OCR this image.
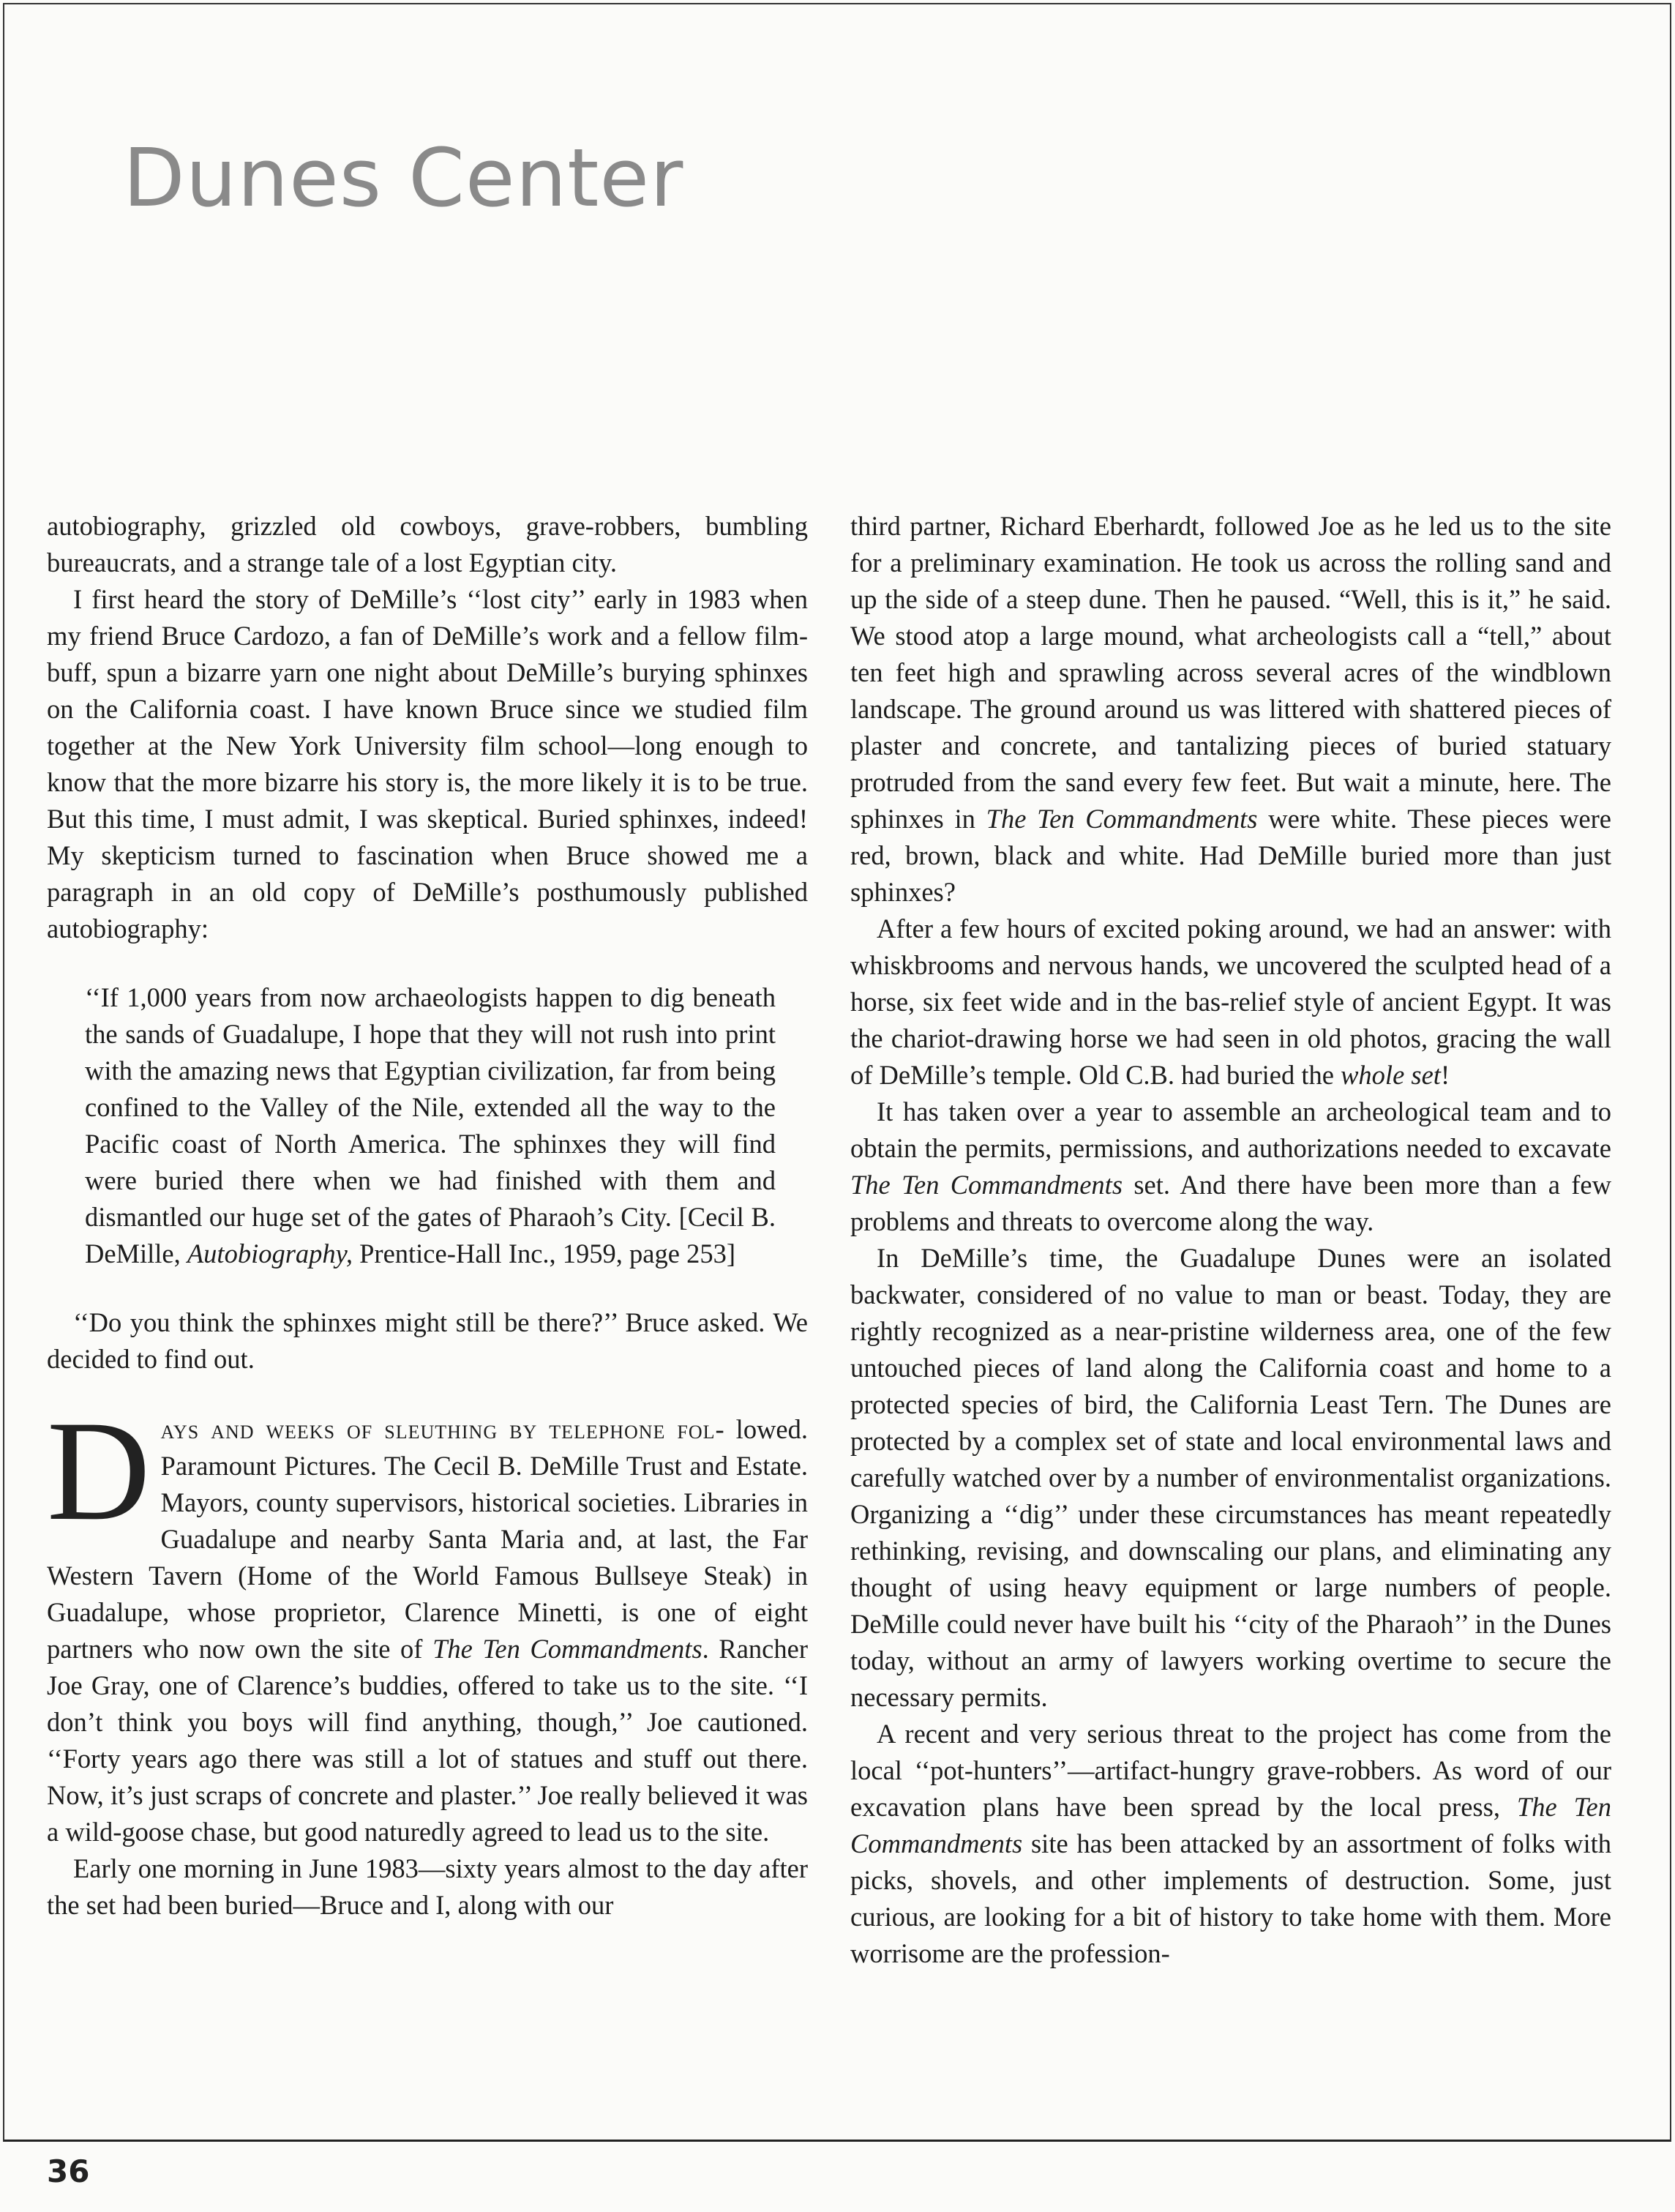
Dunes Center

autobiography, grizzled old cowboys, grave-robbers, bumbling bureaucrats, and a strange tale of a lost Egyptian city.

I first heard the story of DeMille’s ‘‘lost city’’ early in 1983 when my friend Bruce Cardozo, a fan of DeMille’s work and a fellow film-buff, spun a bizarre yarn one night about DeMille’s burying sphinxes on the California coast. I have known Bruce since we studied film together at the New York University film school—long enough to know that the more bizarre his story is, the more likely it is to be true. But this time, I must admit, I was skeptical. Buried sphinxes, indeed! My skepticism turned to fascination when Bruce showed me a paragraph in an old copy of DeMille’s posthumously published autobiography:

‘‘If 1,000 years from now archaeologists happen to dig beneath the sands of Guadalupe, I hope that they will not rush into print with the amazing news that Egyptian civilization, far from being confined to the Valley of the Nile, extended all the way to the Pacific coast of North America. The sphinxes they will find were buried there when we had finished with them and dismantled our huge set of the gates of Pharaoh’s City. [Cecil B. DeMille, Autobiography, Prentice-Hall Inc., 1959, page 253]

‘‘Do you think the sphinxes might still be there?’’ Bruce asked. We decided to find out.

Days and weeks of sleuthing by telephone fol- lowed. Paramount Pictures. The Cecil B. DeMille Trust and Estate. Mayors, county supervisors, historical societies. Libraries in Guadalupe and nearby Santa Maria and, at last, the Far Western Tavern (Home of the World Famous Bullseye Steak) in Guadalupe, whose proprietor, Clarence Minetti, is one of eight partners who now own the site of The Ten Commandments. Rancher Joe Gray, one of Clarence’s buddies, offered to take us to the site. ‘‘I don’t think you boys will find anything, though,’’ Joe cautioned. ‘‘Forty years ago there was still a lot of statues and stuff out there. Now, it’s just scraps of concrete and plaster.’’ Joe really believed it was a wild-goose chase, but good naturedly agreed to lead us to the site.

Early one morning in June 1983—sixty years almost to the day after the set had been buried—Bruce and I, along with our

third partner, Richard Eberhardt, followed Joe as he led us to the site for a preliminary examination. He took us across the rolling sand and up the side of a steep dune. Then he paused. “Well, this is it,” he said. We stood atop a large mound, what archeologists call a “tell,” about ten feet high and sprawling across several acres of the windblown landscape. The ground around us was littered with shattered pieces of plaster and concrete, and tantalizing pieces of buried statuary protruded from the sand every few feet. But wait a minute, here. The sphinxes in The Ten Commandments were white. These pieces were red, brown, black and white. Had DeMille buried more than just sphinxes?

After a few hours of excited poking around, we had an answer: with whiskbrooms and nervous hands, we uncovered the sculpted head of a horse, six feet wide and in the bas-relief style of ancient Egypt. It was the chariot-drawing horse we had seen in old photos, gracing the wall of DeMille’s temple. Old C.B. had buried the whole set!

It has taken over a year to assemble an archeological team and to obtain the permits, permissions, and authorizations needed to excavate The Ten Commandments set. And there have been more than a few problems and threats to overcome along the way.

In DeMille’s time, the Guadalupe Dunes were an isolated backwater, considered of no value to man or beast. Today, they are rightly recognized as a near-pristine wilderness area, one of the few untouched pieces of land along the California coast and home to a protected species of bird, the California Least Tern. The Dunes are protected by a complex set of state and local environmental laws and carefully watched over by a number of environmentalist organizations. Organizing a ‘‘dig’’ under these circumstances has meant repeatedly rethinking, revising, and downscaling our plans, and eliminating any thought of using heavy equipment or large numbers of people. DeMille could never have built his ‘‘city of the Pharaoh’’ in the Dunes today, without an army of lawyers working overtime to secure the necessary permits.

A recent and very serious threat to the project has come from the local ‘‘pot-hunters’’—artifact-hungry grave-robbers. As word of our excavation plans have been spread by the local press, The Ten Commandments site has been attacked by an assortment of folks with picks, shovels, and other implements of destruction. Some, just curious, are looking for a bit of history to take home with them. More worrisome are the profession-

36
